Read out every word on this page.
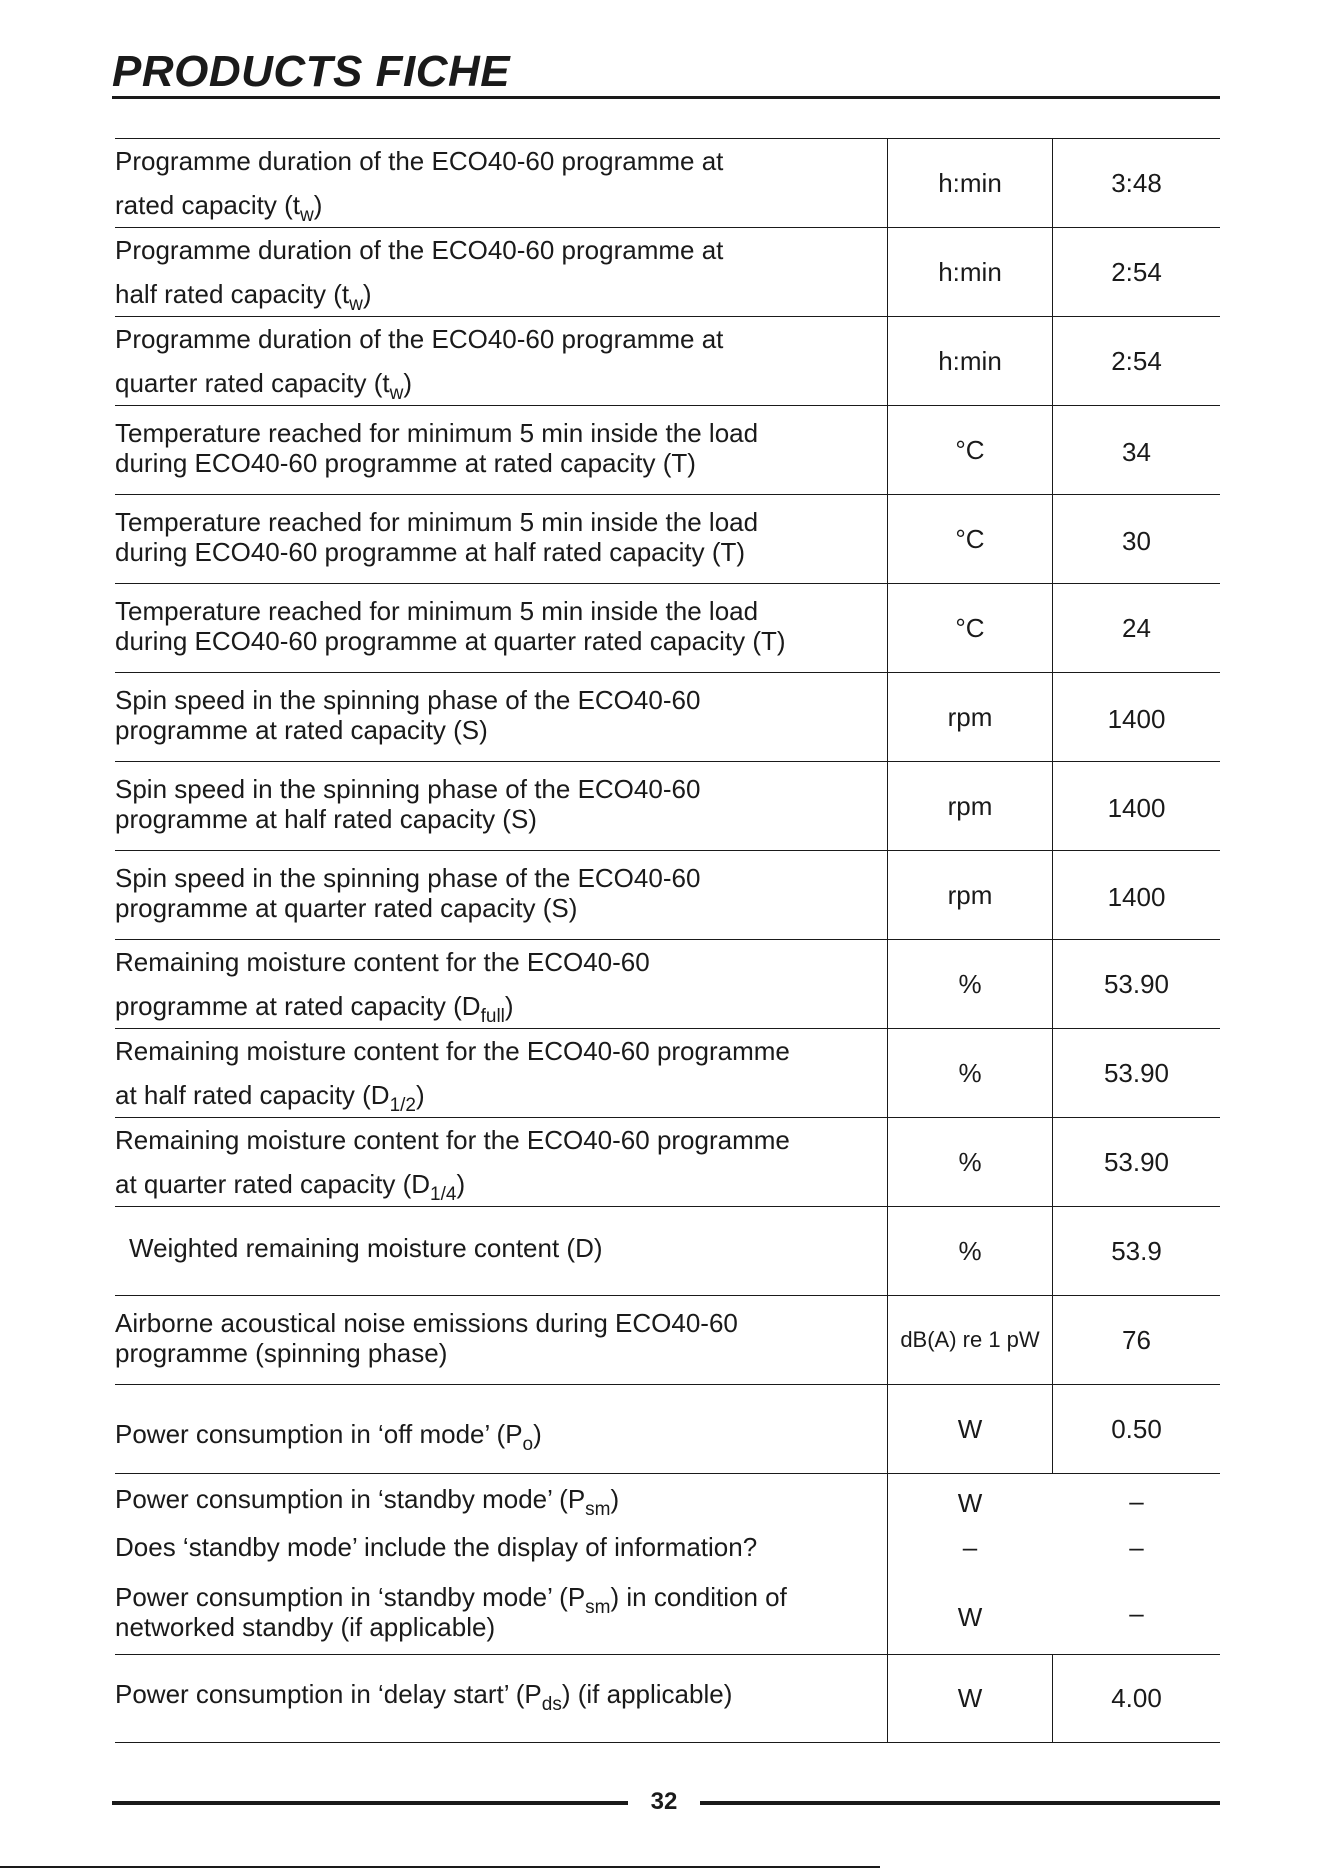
PRODUCTS FICHE
Programme duration of the ECO40-60 programme at
rated capacity $(t_w)$
h:min	3:48
Programme duration of the ECO40-60 programme at
half rated capacity $(t_w)$
h:min	2:54
Programme duration of the ECO40-60 programme at
quarter rated capacity $(t_w)$
h:min	2:54
Temperature reached for minimum 5 min inside the load
during ECO40-60 programme at rated capacity (T)	°C	34
Temperature reached for minimum 5 min inside the load
during ECO40-60 programme at half rated capacity (T)	°C	30
Temperature reached for minimum 5 min inside the load
during ECO40-60 programme at quarter rated capacity (T)	°C	24
Spin speed in the spinning phase of the ECO40-60
programme at rated capacity (S)	rpm	1400
Spin speed in the spinning phase of the ECO40-60
programme at half rated capacity (S)	rpm	1400
Spin speed in the spinning phase of the ECO40-60
programme at quarter rated capacity (S)	rpm	1400
Remaining moisture content for the ECO40-60
programme at rated capacity $(D_{full})$
%	53.90
Remaining moisture content for the ECO40-60 programme
at half rated capacity $(D_{1/2})$
%	53.90
Remaining moisture content for the ECO40-60 programme
at quarter rated capacity $(D_{1/4})$
%	53.90
Weighted remaining moisture content (D)	%	53.9
Airborne acoustical noise emissions during ECO40-60
programme (spinning phase)	dB(A) re 1 pW	76
Power consumption in ‘off mode’ $(P_o)$	W	0.50
Power consumption in ‘standby mode’ $(P_{sm})$	W	–
Does ‘standby mode’ include the display of information?	–	–
Power consumption in ‘standby mode’ $(P_{sm})$ in condition of
networked standby (if applicable)	W	–
Power consumption in ‘delay start’ $(P_{ds})$ (if applicable)	W	4.00
32
